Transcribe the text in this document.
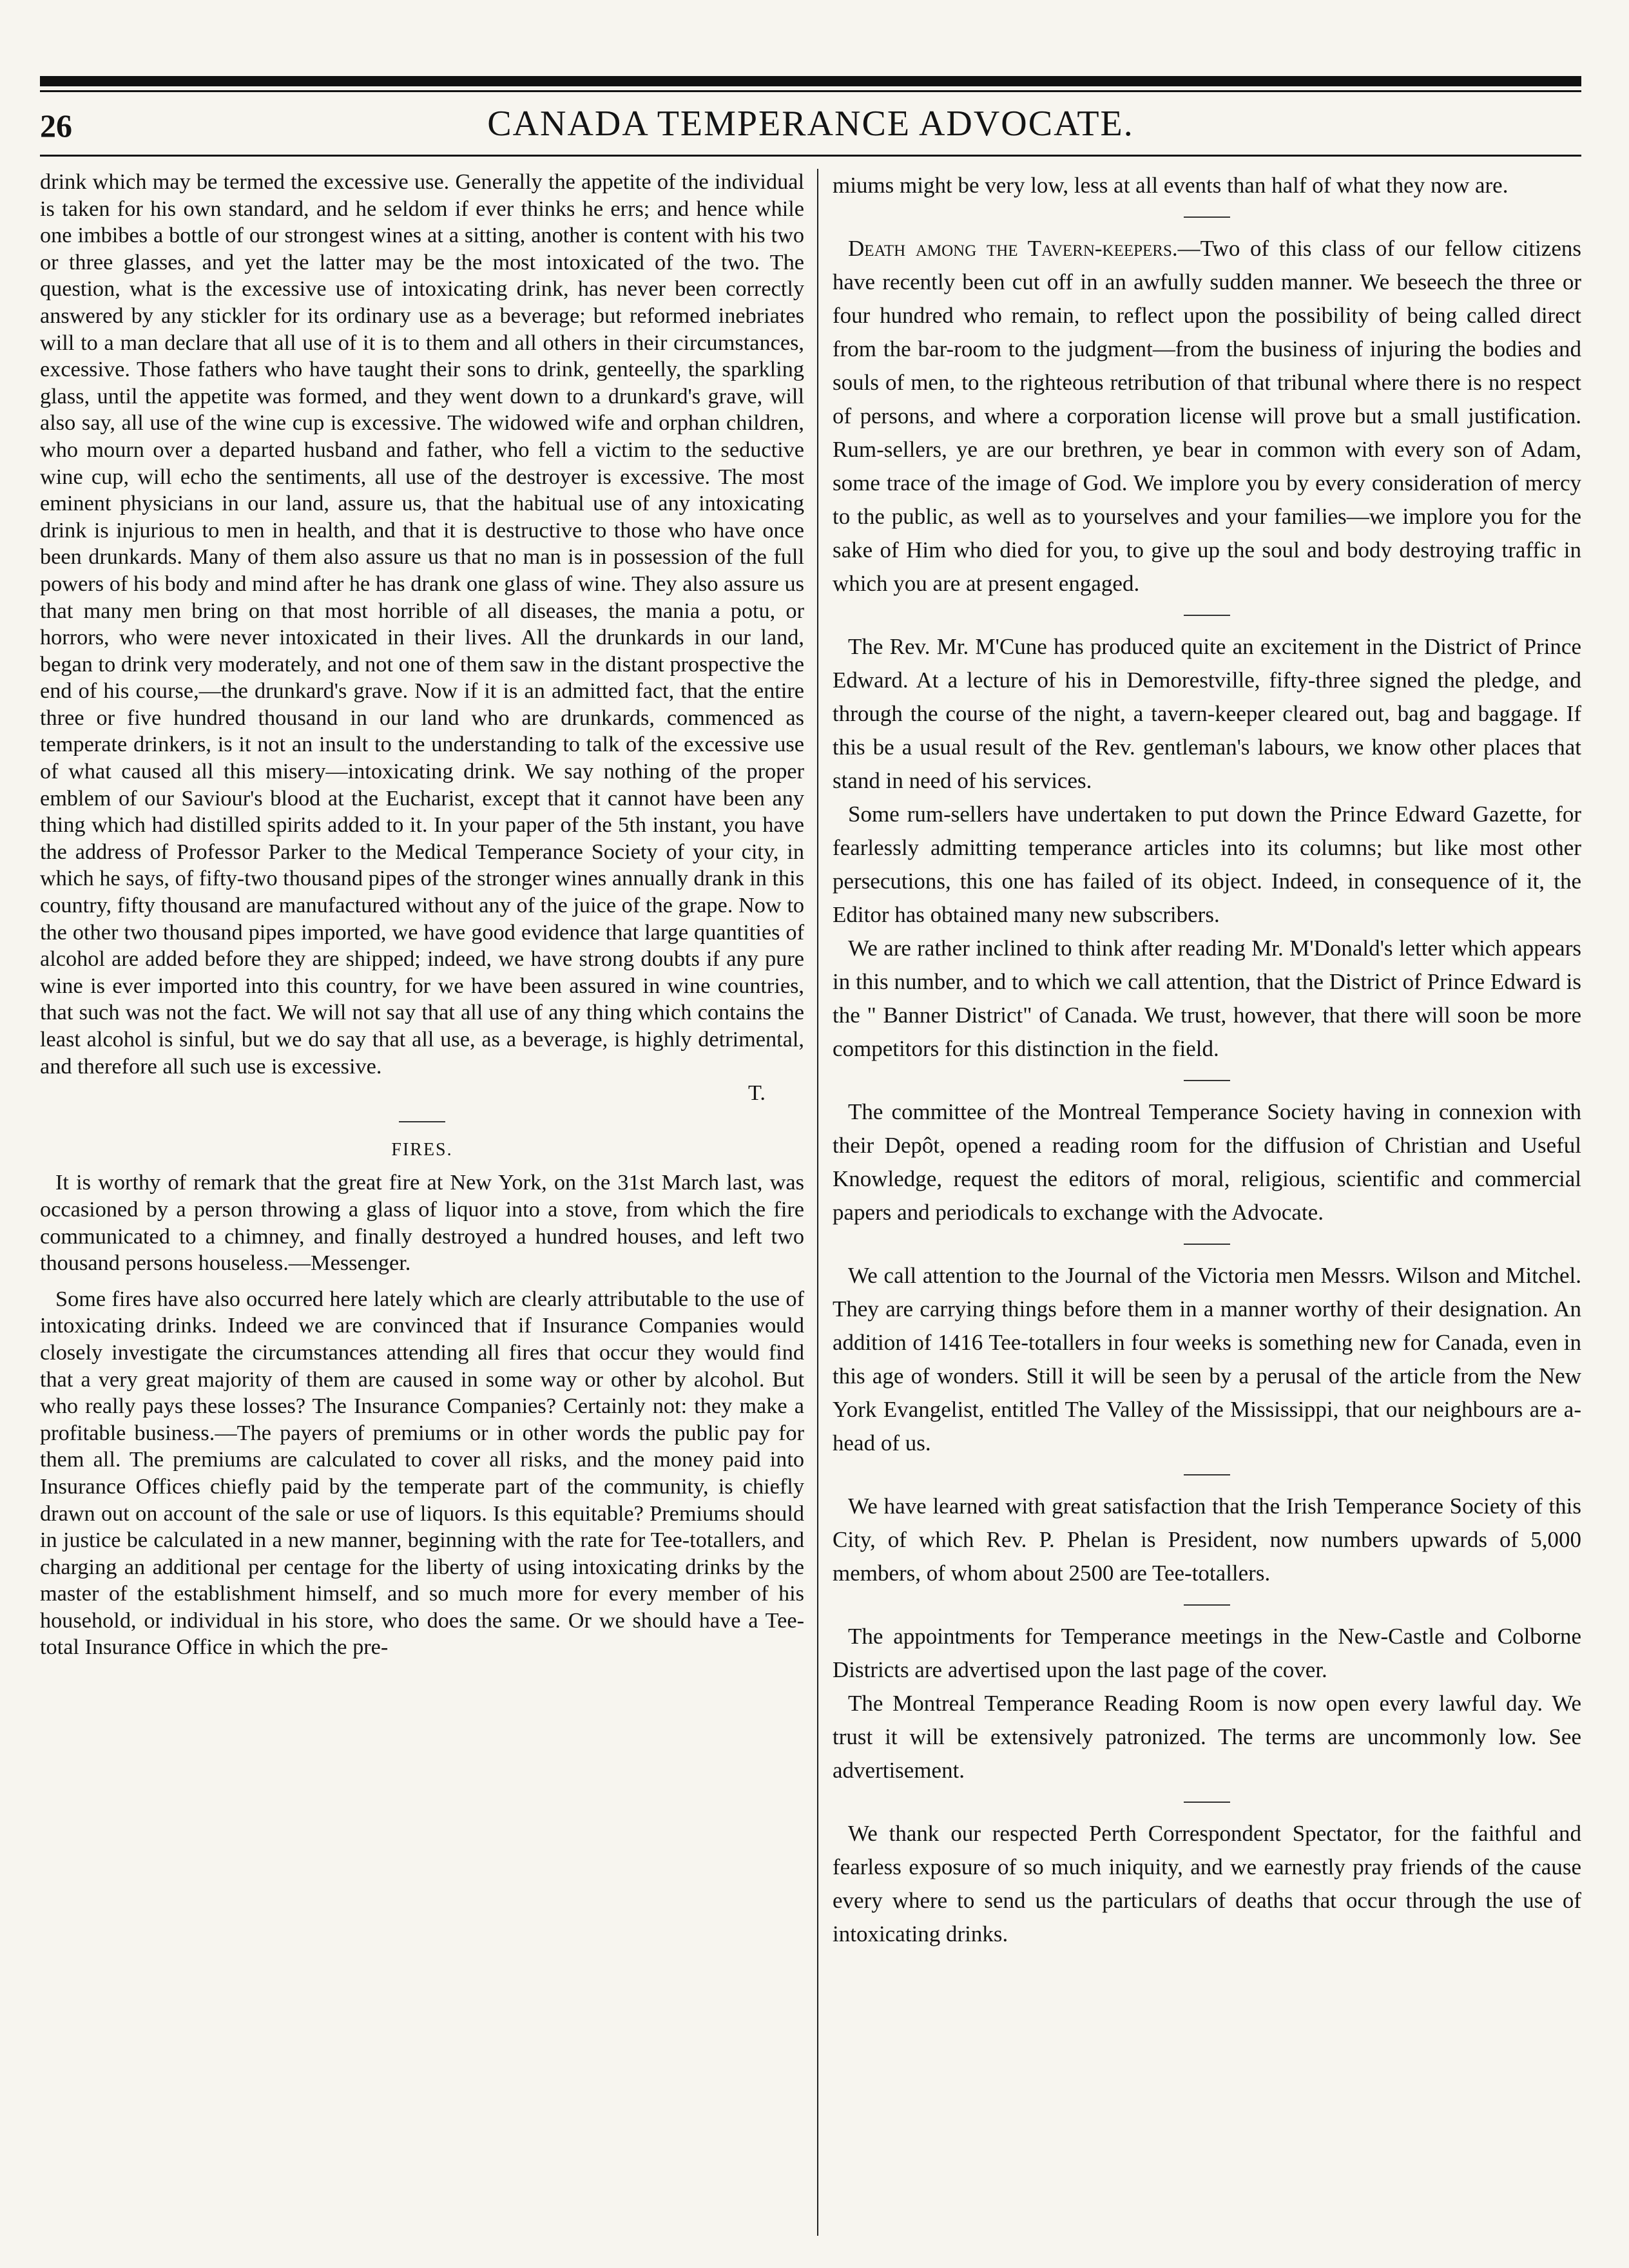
26	CANADA TEMPERANCE ADVOCATE.

drink which may be termed the excessive use. Generally the appetite of the individual is taken for his own standard, and he seldom if ever thinks he errs; and hence while one imbibes a bottle of our strongest wines at a sitting, another is content with his two or three glasses, and yet the latter may be the most intoxicated of the two. The question, what is the excessive use of intoxicating drink, has never been correctly answered by any stickler for its ordinary use as a beverage; but reformed inebriates will to a man declare that all use of it is to them and all others in their circumstances, excessive. Those fathers who have taught their sons to drink, genteelly, the sparkling glass, until the appetite was formed, and they went down to a drunkard's grave, will also say, all use of the wine cup is excessive. The widowed wife and orphan children, who mourn over a departed husband and father, who fell a victim to the seductive wine cup, will echo the sentiments, all use of the destroyer is excessive. The most eminent physicians in our land, assure us, that the habitual use of any intoxicating drink is injurious to men in health, and that it is destructive to those who have once been drunkards. Many of them also assure us that no man is in possession of the full powers of his body and mind after he has drank one glass of wine. They also assure us that many men bring on that most horrible of all diseases, the mania a potu, or horrors, who were never intoxicated in their lives. All the drunkards in our land, began to drink very moderately, and not one of them saw in the distant prospective the end of his course,—the drunkard's grave. Now if it is an admitted fact, that the entire three or five hundred thousand in our land who are drunkards, commenced as temperate drinkers, is it not an insult to the understanding to talk of the excessive use of what caused all this misery—intoxicating drink. We say nothing of the proper emblem of our Saviour's blood at the Eucharist, except that it cannot have been any thing which had distilled spirits added to it. In your paper of the 5th instant, you have the address of Professor Parker to the Medical Temperance Society of your city, in which he says, of fifty-two thousand pipes of the stronger wines annually drank in this country, fifty thousand are manufactured without any of the juice of the grape. Now to the other two thousand pipes imported, we have good evidence that large quantities of alcohol are added before they are shipped; indeed, we have strong doubts if any pure wine is ever imported into this country, for we have been assured in wine countries, that such was not the fact. We will not say that all use of any thing which contains the least alcohol is sinful, but we do say that all use, as a beverage, is highly detrimental, and therefore all such use is excessive.

T.

FIRES.

It is worthy of remark that the great fire at New York, on the 31st March last, was occasioned by a person throwing a glass of liquor into a stove, from which the fire communicated to a chimney, and finally destroyed a hundred houses, and left two thousand persons houseless.—Messenger.

Some fires have also occurred here lately which are clearly attributable to the use of intoxicating drinks. Indeed we are convinced that if Insurance Companies would closely investigate the circumstances attending all fires that occur they would find that a very great majority of them are caused in some way or other by alcohol. But who really pays these losses? The Insurance Companies? Certainly not: they make a profitable business.—The payers of premiums or in other words the public pay for them all. The premiums are calculated to cover all risks, and the money paid into Insurance Offices chiefly paid by the temperate part of the community, is chiefly drawn out on account of the sale or use of liquors. Is this equitable? Premiums should in justice be calculated in a new manner, beginning with the rate for Tee-totallers, and charging an additional per centage for the liberty of using intoxicating drinks by the master of the establishment himself, and so much more for every member of his household, or individual in his store, who does the same. Or we should have a Tee-total Insurance Office in which the pre-

miums might be very low, less at all events than half of what they now are.

Death among the Tavern-keepers.—Two of this class of our fellow citizens have recently been cut off in an awfully sudden manner. We beseech the three or four hundred who remain, to reflect upon the possibility of being called direct from the bar-room to the judgment—from the business of injuring the bodies and souls of men, to the righteous retribution of that tribunal where there is no respect of persons, and where a corporation license will prove but a small justification. Rum-sellers, ye are our brethren, ye bear in common with every son of Adam, some trace of the image of God. We implore you by every consideration of mercy to the public, as well as to yourselves and your families—we implore you for the sake of Him who died for you, to give up the soul and body destroying traffic in which you are at present engaged.

The Rev. Mr. M'Cune has produced quite an excitement in the District of Prince Edward. At a lecture of his in Demorestville, fifty-three signed the pledge, and through the course of the night, a tavern-keeper cleared out, bag and baggage. If this be a usual result of the Rev. gentleman's labours, we know other places that stand in need of his services.

Some rum-sellers have undertaken to put down the Prince Edward Gazette, for fearlessly admitting temperance articles into its columns; but like most other persecutions, this one has failed of its object. Indeed, in consequence of it, the Editor has obtained many new subscribers.

We are rather inclined to think after reading Mr. M'Donald's letter which appears in this number, and to which we call attention, that the District of Prince Edward is the " Banner District" of Canada. We trust, however, that there will soon be more competitors for this distinction in the field.

The committee of the Montreal Temperance Society having in connexion with their Depôt, opened a reading room for the diffusion of Christian and Useful Knowledge, request the editors of moral, religious, scientific and commercial papers and periodicals to exchange with the Advocate.

We call attention to the Journal of the Victoria men Messrs. Wilson and Mitchel. They are carrying things before them in a manner worthy of their designation. An addition of 1416 Tee-totallers in four weeks is something new for Canada, even in this age of wonders. Still it will be seen by a perusal of the article from the New York Evangelist, entitled The Valley of the Mississippi, that our neighbours are a-head of us.

We have learned with great satisfaction that the Irish Temperance Society of this City, of which Rev. P. Phelan is President, now numbers upwards of 5,000 members, of whom about 2500 are Tee-totallers.

The appointments for Temperance meetings in the New-Castle and Colborne Districts are advertised upon the last page of the cover.

The Montreal Temperance Reading Room is now open every lawful day. We trust it will be extensively patronized. The terms are uncommonly low. See advertisement.

We thank our respected Perth Correspondent Spectator, for the faithful and fearless exposure of so much iniquity, and we earnestly pray friends of the cause every where to send us the particulars of deaths that occur through the use of intoxicating drinks.
